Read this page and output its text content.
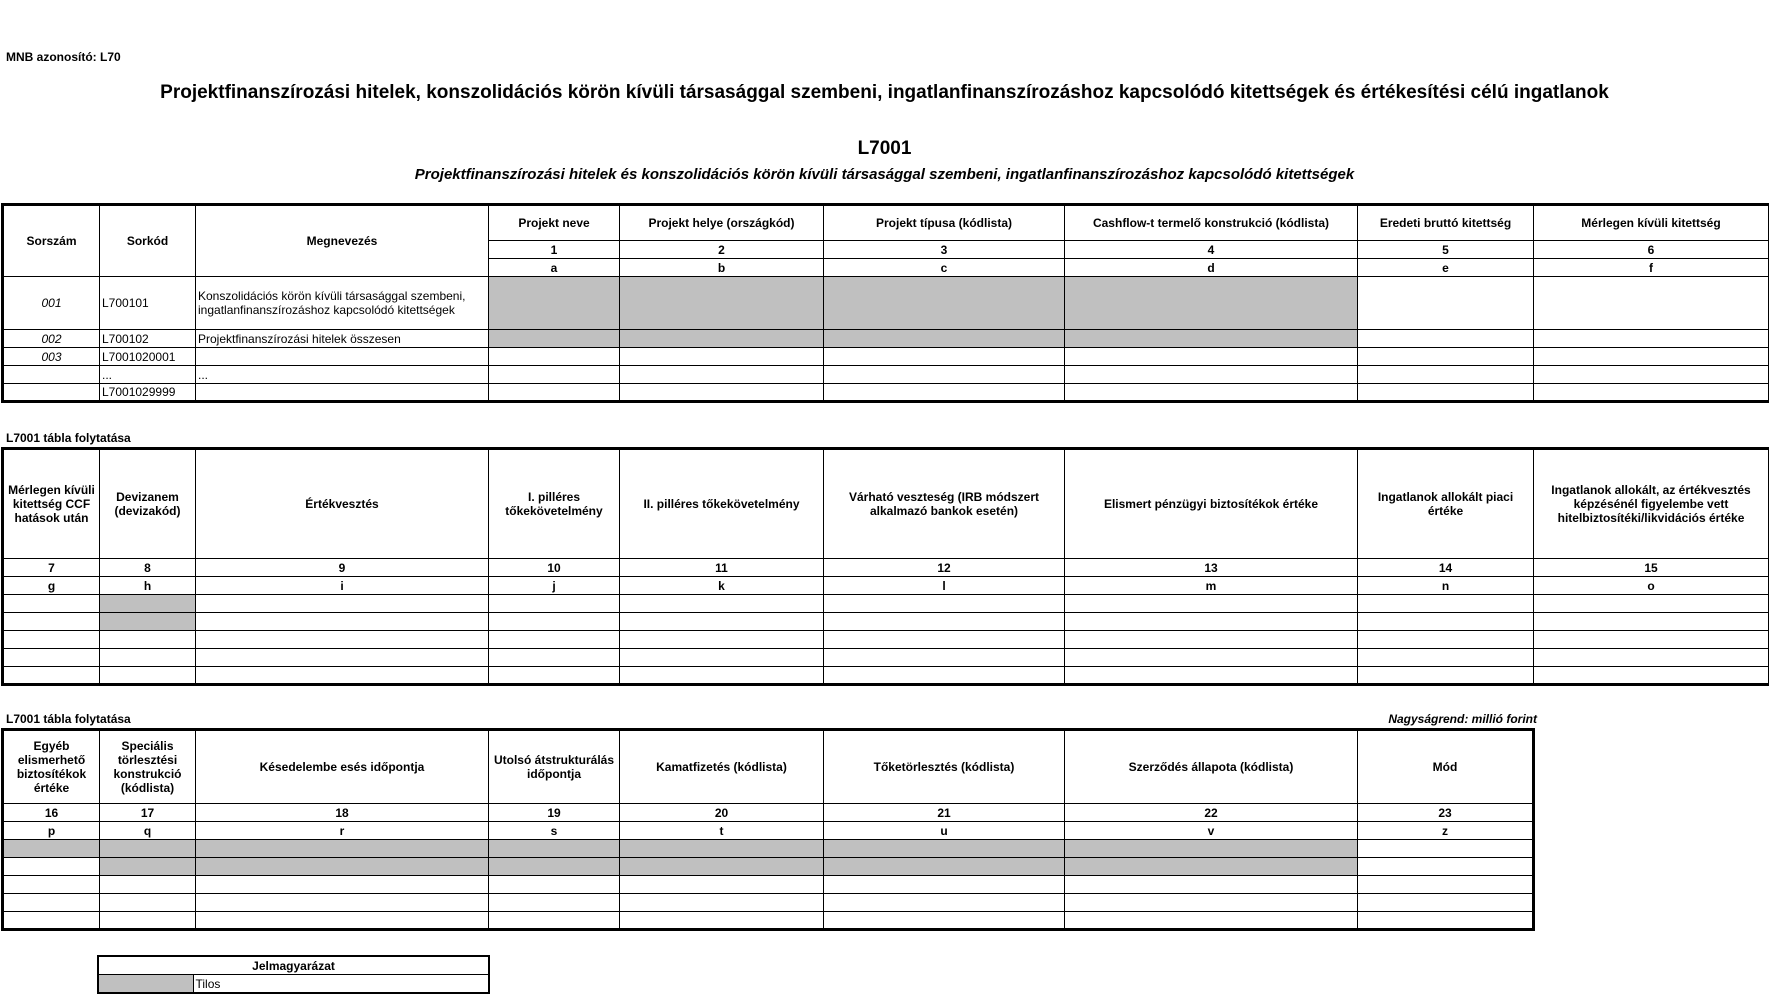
MNB azonosító: L70
Projektfinanszírozási hitelek, konszolidációs körön kívüli társasággal szembeni, ingatlanfinanszírozáshoz kapcsolódó kitettségek és értékesítési célú ingatlanok
L7001
Projektfinanszírozási hitelek és konszolidációs körön kívüli társasággal szembeni, ingatlanfinanszírozáshoz kapcsolódó kitettségek
Sorszám	Sorkód	Megnevezés	Projekt neve	Projekt helye (országkód)	Projekt típusa (kódlista)	Cashflow-t termelő konstrukció (kódlista)	Eredeti bruttó kitettség	Mérlegen kívüli kitettség
			1	2	3	4	5	6
			a	b	c	d	e	f
001	L700101	Konszolidációs körön kívüli társasággal szembeni, ingatlanfinanszírozáshoz kapcsolódó kitettségek						
002	L700102	Projektfinanszírozási hitelek összesen						
003	L7001020001							
	...	...						
	L7001029999							
L7001 tábla folytatása
Mérlegen kívüli kitettség CCF hatások után	Devizanem (devizakód)	Értékvesztés	I. pilléres tőkekövetelmény	II. pilléres tőkekövetelmény	Várható veszteség (IRB módszert alkalmazó bankok esetén)	Elismert pénzügyi biztosítékok értéke	Ingatlanok allokált piaci értéke	Ingatlanok allokált, az értékvesztés képzésénél figyelembe vett hitelbiztosítéki/likvidációs értéke
7	8	9	10	11	12	13	14	15
g	h	i	j	k	l	m	n	o

L7001 tábla folytatása	Nagyságrend: millió forint
Egyéb elismerhető biztosítékok értéke	Speciális törlesztési konstrukció (kódlista)	Késedelembe esés időpontja	Utolsó átstrukturálás időpontja	Kamatfizetés (kódlista)	Tőketörlesztés (kódlista)	Szerződés állapota (kódlista)	Mód
16	17	18	19	20	21	22	23
p	q	r	s	t	u	v	z

Jelmagyarázat
	Tilos
